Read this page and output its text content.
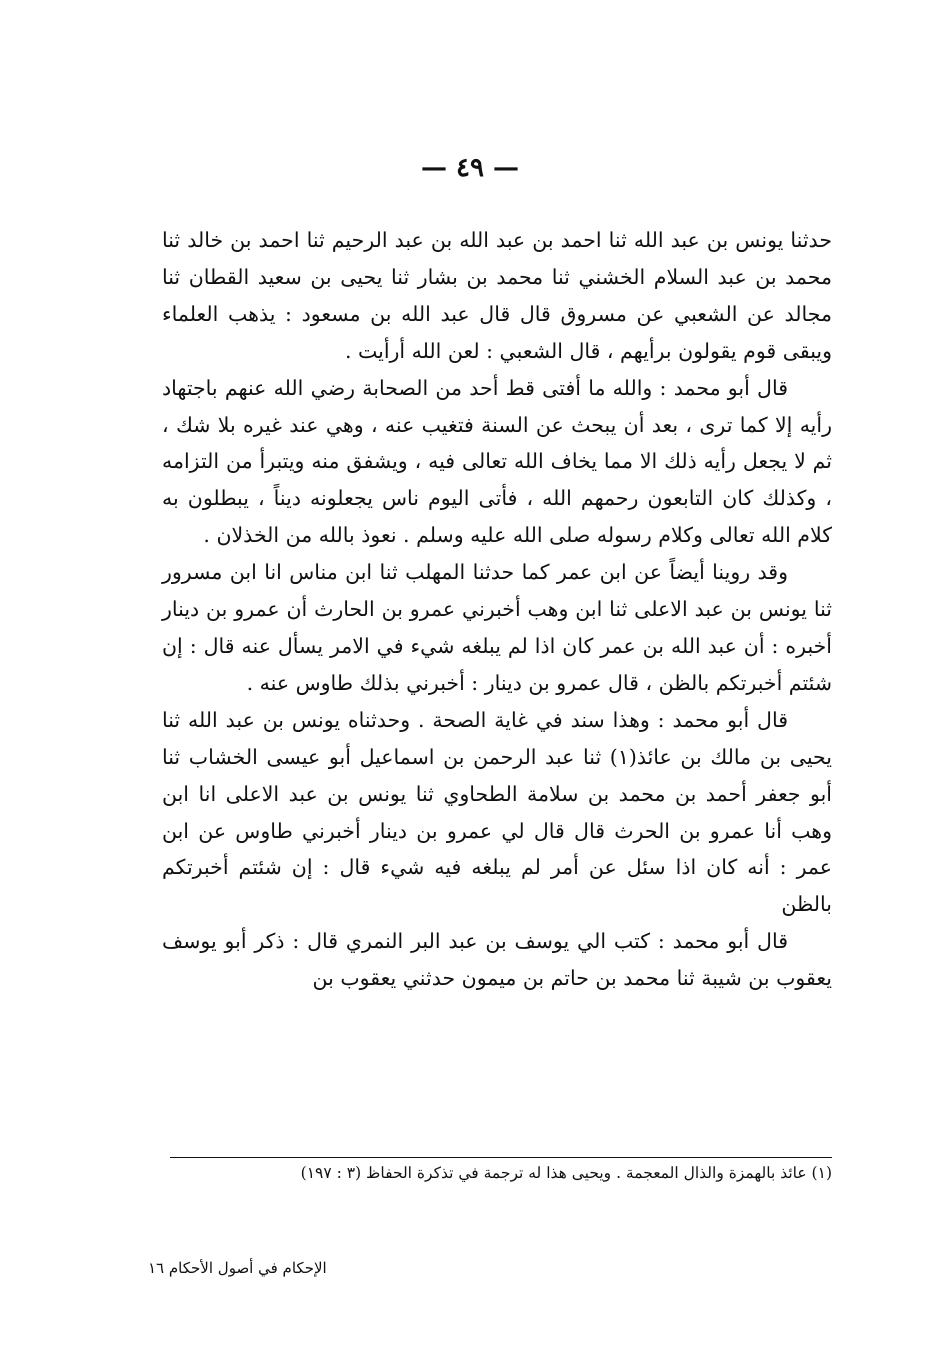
— ٤٩ —

حدثنا يونس بن عبد الله ثنا احمد بن عبد الله بن عبد الرحيم ثنا احمد بن خالد ثنا محمد بن عبد السلام الخشني ثنا محمد بن بشار ثنا يحيى بن سعيد القطان ثنا مجالد عن الشعبي عن مسروق قال قال عبد الله بن مسعود : يذهب العلماء ويبقى قوم يقولون برأيهم ، قال الشعبي : لعن الله أرأيت .

قال أبو محمد : والله ما أفتى قط أحد من الصحابة رضي الله عنهم باجتهاد رأيه إلا كما ترى ، بعد أن يبحث عن السنة فتغيب عنه ، وهي عند غيره بلا شك ، ثم لا يجعل رأيه ذلك الا مما يخاف الله تعالى فيه ، ويشفق منه ويتبرأ من التزامه ، وكذلك كان التابعون رحمهم الله ، فأتى اليوم ناس يجعلونه ديناً ، يبطلون به كلام الله تعالى وكلام رسوله صلى الله عليه وسلم . نعوذ بالله من الخذلان .

وقد روينا أيضاً عن ابن عمر كما حدثنا المهلب ثنا ابن مناس انا ابن مسرور ثنا يونس بن عبد الاعلى ثنا ابن وهب أخبرني عمرو بن الحارث أن عمرو بن دينار أخبره : أن عبد الله بن عمر كان اذا لم يبلغه شيء في الامر يسأل عنه قال : إن شئتم أخبرتكم بالظن ، قال عمرو بن دينار : أخبرني بذلك طاوس عنه .

قال أبو محمد : وهذا سند في غاية الصحة . وحدثناه يونس بن عبد الله ثنا يحيى بن مالك بن عائذ(١) ثنا عبد الرحمن بن اسماعيل أبو عيسى الخشاب ثنا أبو جعفر أحمد بن محمد بن سلامة الطحاوي ثنا يونس بن عبد الاعلى انا ابن وهب أنا عمرو بن الحرث قال قال لي عمرو بن دينار أخبرني طاوس عن ابن عمر : أنه كان اذا سئل عن أمر لم يبلغه فيه شيء قال : إن شئتم أخبرتكم بالظن

قال أبو محمد : كتب الي يوسف بن عبد البر النمري قال : ذكر أبو يوسف يعقوب بن شيبة ثنا محمد بن حاتم بن ميمون حدثني يعقوب بن

(١) عائذ بالهمزة والذال المعجمة . ويحيى هذا له ترجمة في تذكرة الحفاظ (٣ : ١٩٧)
الإحكام في أصول الأحكام ١٦
